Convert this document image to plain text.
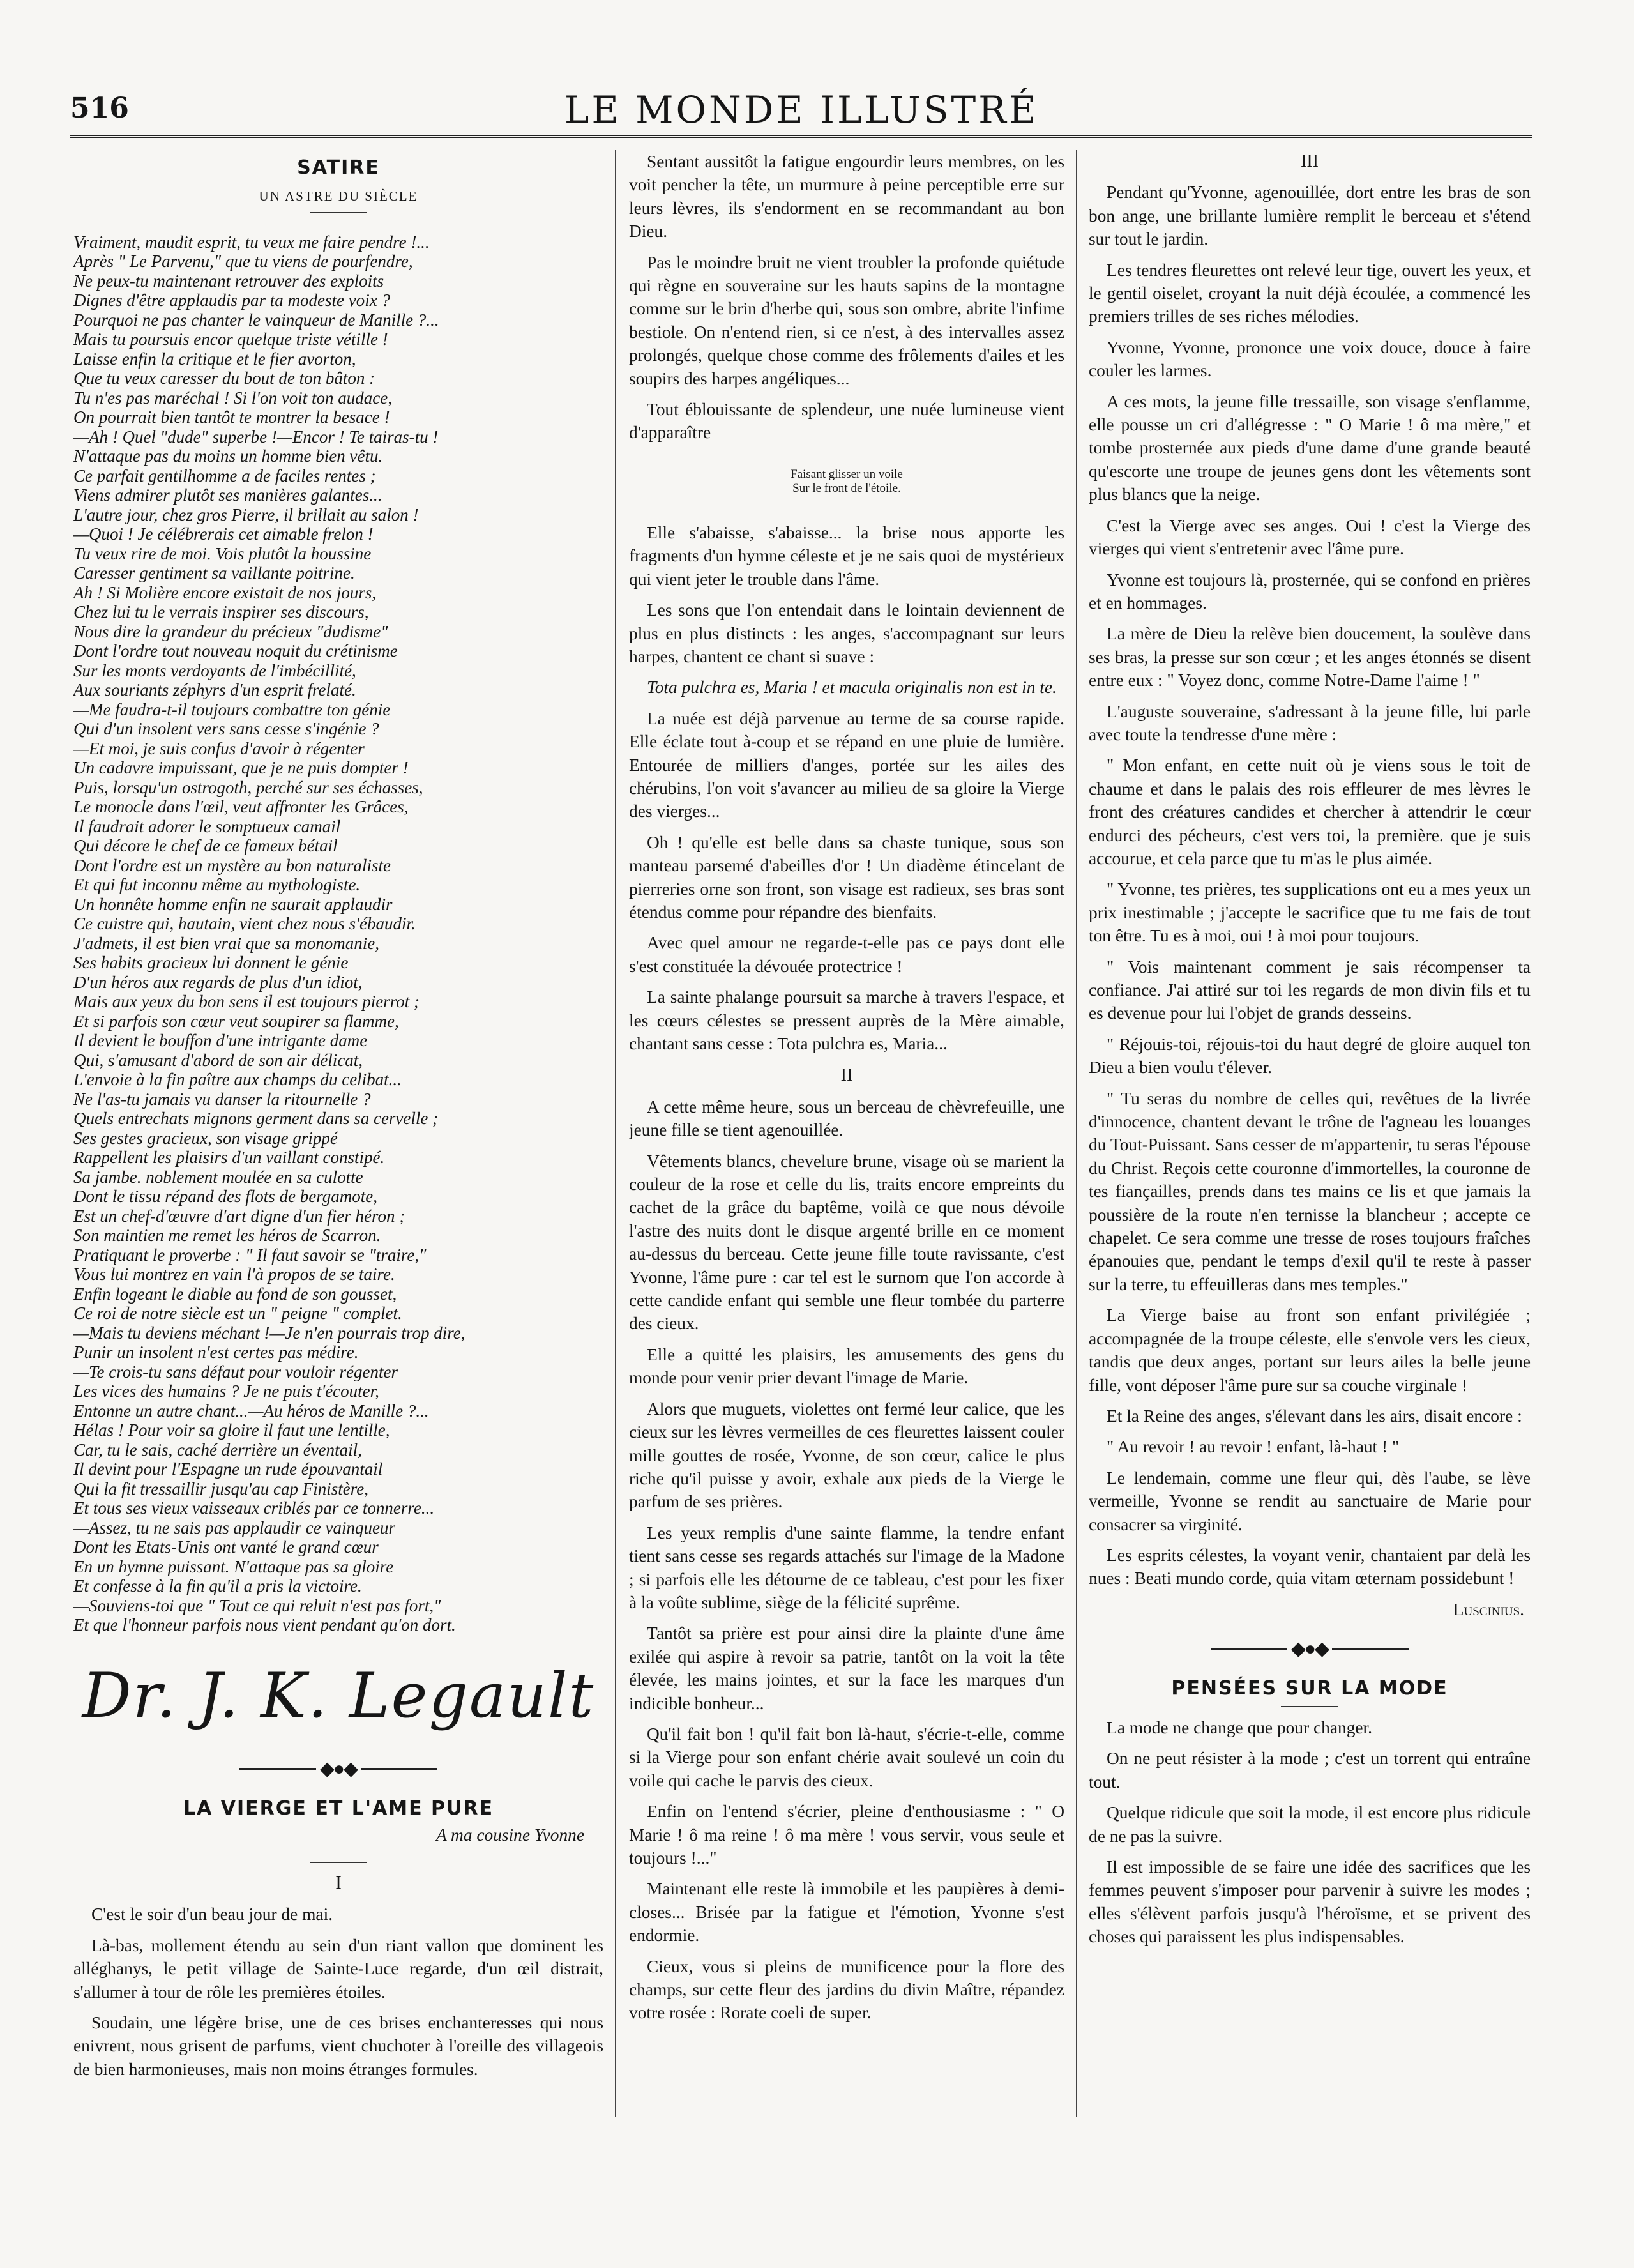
516	LE MONDE ILLUSTRÉ
SATIRE
UN ASTRE DU SIÈCLE
Vraiment, maudit esprit, tu veux me faire pendre !...
Après " Le Parvenu," que tu viens de pourfendre,
Ne peux-tu maintenant retrouver des exploits
Dignes d'être applaudis par ta modeste voix ?
Pourquoi ne pas chanter le vainqueur de Manille ?...
Mais tu poursuis encor quelque triste vétille !
Laisse enfin la critique et le fier avorton,
Que tu veux caresser du bout de ton bâton :
Tu n'es pas maréchal ! Si l'on voit ton audace,
On pourrait bien tantôt te montrer la besace !
—Ah ! Quel "dude" superbe !—Encor ! Te tairas-tu !
N'attaque pas du moins un homme bien vêtu.
Ce parfait gentilhomme a de faciles rentes ;
Viens admirer plutôt ses manières galantes...
L'autre jour, chez gros Pierre, il brillait au salon !
—Quoi ! Je célébrerais cet aimable frelon !
Tu veux rire de moi. Vois plutôt la houssine
Caresser gentiment sa vaillante poitrine.
Ah ! Si Molière encore existait de nos jours,
Chez lui tu le verrais inspirer ses discours,
Nous dire la grandeur du précieux "dudisme"
Dont l'ordre tout nouveau noquit du crétinisme
Sur les monts verdoyants de l'imbécillité,
Aux souriants zéphyrs d'un esprit frelaté.
—Me faudra-t-il toujours combattre ton génie
Qui d'un insolent vers sans cesse s'ingénie ?
—Et moi, je suis confus d'avoir à régenter
Un cadavre impuissant, que je ne puis dompter !
Puis, lorsqu'un ostrogoth, perché sur ses échasses,
Le monocle dans l'œil, veut affronter les Grâces,
Il faudrait adorer le somptueux camail
Qui décore le chef de ce fameux bétail
Dont l'ordre est un mystère au bon naturaliste
Et qui fut inconnu même au mythologiste.
Un honnête homme enfin ne saurait applaudir
Ce cuistre qui, hautain, vient chez nous s'ébaudir.
J'admets, il est bien vrai que sa monomanie,
Ses habits gracieux lui donnent le génie
D'un héros aux regards de plus d'un idiot,
Mais aux yeux du bon sens il est toujours pierrot ;
Et si parfois son cœur veut soupirer sa flamme,
Il devient le bouffon d'une intrigante dame
Qui, s'amusant d'abord de son air délicat,
L'envoie à la fin paître aux champs du celibat...
Ne l'as-tu jamais vu danser la ritournelle ?
Quels entrechats mignons germent dans sa cervelle ;
Ses gestes gracieux, son visage grippé
Rappellent les plaisirs d'un vaillant constipé.
Sa jambe. noblement moulée en sa culotte
Dont le tissu répand des flots de bergamote,
Est un chef-d'œuvre d'art digne d'un fier héron ;
Son maintien me remet les héros de Scarron.
Pratiquant le proverbe : " Il faut savoir se "traire,"
Vous lui montrez en vain l'à propos de se taire.
Enfin logeant le diable au fond de son gousset,
Ce roi de notre siècle est un " peigne " complet.
—Mais tu deviens méchant !—Je n'en pourrais trop dire,
Punir un insolent n'est certes pas médire.
—Te crois-tu sans défaut pour vouloir régenter
Les vices des humains ? Je ne puis t'écouter,
Entonne un autre chant...—Au héros de Manille ?...
Hélas ! Pour voir sa gloire il faut une lentille,
Car, tu le sais, caché derrière un éventail,
Il devint pour l'Espagne un rude épouvantail
Qui la fit tressaillir jusqu'au cap Finistère,
Et tous ses vieux vaisseaux criblés par ce tonnerre...
—Assez, tu ne sais pas applaudir ce vainqueur
Dont les Etats-Unis ont vanté le grand cœur
En un hymne puissant. N'attaque pas sa gloire
Et confesse à la fin qu'il a pris la victoire.
—Souviens-toi que " Tout ce qui reluit n'est pas fort,"
Et que l'honneur parfois nous vient pendant qu'on dort.
Dr. J. K. Legault
◆●◆
LA VIERGE ET L'AME PURE
A ma cousine Yvonne
I

C'est le soir d'un beau jour de mai.

Là-bas, mollement étendu au sein d'un riant vallon que dominent les alléghanys, le petit village de Sainte-Luce regarde, d'un œil distrait, s'allumer à tour de rôle les premières étoiles.

Soudain, une légère brise, une de ces brises enchanteresses qui nous enivrent, nous grisent de parfums, vient chuchoter à l'oreille des villageois de bien harmonieuses, mais non moins étranges formules.

Sentant aussitôt la fatigue engourdir leurs membres, on les voit pencher la tête, un murmure à peine perceptible erre sur leurs lèvres, ils s'endorment en se recommandant au bon Dieu.

Pas le moindre bruit ne vient troubler la profonde quiétude qui règne en souveraine sur les hauts sapins de la montagne comme sur le brin d'herbe qui, sous son ombre, abrite l'infime bestiole. On n'entend rien, si ce n'est, à des intervalles assez prolongés, quelque chose comme des frôlements d'ailes et les soupirs des harpes angéliques...

Tout éblouissante de splendeur, une nuée lumineuse vient d'apparaître

Faisant glisser un voile
Sur le front de l'étoile.

Elle s'abaisse, s'abaisse... la brise nous apporte les fragments d'un hymne céleste et je ne sais quoi de mystérieux qui vient jeter le trouble dans l'âme.

Les sons que l'on entendait dans le lointain deviennent de plus en plus distincts : les anges, s'accompagnant sur leurs harpes, chantent ce chant si suave :

Tota pulchra es, Maria ! et macula originalis non est in te.

La nuée est déjà parvenue au terme de sa course rapide. Elle éclate tout à-coup et se répand en une pluie de lumière. Entourée de milliers d'anges, portée sur les ailes des chérubins, l'on voit s'avancer au milieu de sa gloire la Vierge des vierges...

Oh ! qu'elle est belle dans sa chaste tunique, sous son manteau parsemé d'abeilles d'or ! Un diadème étincelant de pierreries orne son front, son visage est radieux, ses bras sont étendus comme pour répandre des bienfaits.

Avec quel amour ne regarde-t-elle pas ce pays dont elle s'est constituée la dévouée protectrice !

La sainte phalange poursuit sa marche à travers l'espace, et les cœurs célestes se pressent auprès de la Mère aimable, chantant sans cesse : Tota pulchra es, Maria...

II

A cette même heure, sous un berceau de chèvrefeuille, une jeune fille se tient agenouillée.

Vêtements blancs, chevelure brune, visage où se marient la couleur de la rose et celle du lis, traits encore empreints du cachet de la grâce du baptême, voilà ce que nous dévoile l'astre des nuits dont le disque argenté brille en ce moment au-dessus du berceau. Cette jeune fille toute ravissante, c'est Yvonne, l'âme pure : car tel est le surnom que l'on accorde à cette candide enfant qui semble une fleur tombée du parterre des cieux.

Elle a quitté les plaisirs, les amusements des gens du monde pour venir prier devant l'image de Marie.

Alors que muguets, violettes ont fermé leur calice, que les cieux sur les lèvres vermeilles de ces fleurettes laissent couler mille gouttes de rosée, Yvonne, de son cœur, calice le plus riche qu'il puisse y avoir, exhale aux pieds de la Vierge le parfum de ses prières.

Les yeux remplis d'une sainte flamme, la tendre enfant tient sans cesse ses regards attachés sur l'image de la Madone ; si parfois elle les détourne de ce tableau, c'est pour les fixer à la voûte sublime, siège de la félicité suprême.

Tantôt sa prière est pour ainsi dire la plainte d'une âme exilée qui aspire à revoir sa patrie, tantôt on la voit la tête élevée, les mains jointes, et sur la face les marques d'un indicible bonheur...

Qu'il fait bon ! qu'il fait bon là-haut, s'écrie-t-elle, comme si la Vierge pour son enfant chérie avait soulevé un coin du voile qui cache le parvis des cieux.

Enfin on l'entend s'écrier, pleine d'enthousiasme : " O Marie ! ô ma reine ! ô ma mère ! vous servir, vous seule et toujours !..."

Maintenant elle reste là immobile et les paupières à demi-closes... Brisée par la fatigue et l'émotion, Yvonne s'est endormie.

Cieux, vous si pleins de munificence pour la flore des champs, sur cette fleur des jardins du divin Maître, répandez votre rosée : Rorate coeli de super.

III

Pendant qu'Yvonne, agenouillée, dort entre les bras de son bon ange, une brillante lumière remplit le berceau et s'étend sur tout le jardin.

Les tendres fleurettes ont relevé leur tige, ouvert les yeux, et le gentil oiselet, croyant la nuit déjà écoulée, a commencé les premiers trilles de ses riches mélodies.

Yvonne, Yvonne, prononce une voix douce, douce à faire couler les larmes.

A ces mots, la jeune fille tressaille, son visage s'enflamme, elle pousse un cri d'allégresse : " O Marie ! ô ma mère," et tombe prosternée aux pieds d'une dame d'une grande beauté qu'escorte une troupe de jeunes gens dont les vêtements sont plus blancs que la neige.

C'est la Vierge avec ses anges. Oui ! c'est la Vierge des vierges qui vient s'entretenir avec l'âme pure.

Yvonne est toujours là, prosternée, qui se confond en prières et en hommages.

La mère de Dieu la relève bien doucement, la soulève dans ses bras, la presse sur son cœur ; et les anges étonnés se disent entre eux : " Voyez donc, comme Notre-Dame l'aime ! "

L'auguste souveraine, s'adressant à la jeune fille, lui parle avec toute la tendresse d'une mère :

" Mon enfant, en cette nuit où je viens sous le toit de chaume et dans le palais des rois effleurer de mes lèvres le front des créatures candides et chercher à attendrir le cœur endurci des pécheurs, c'est vers toi, la première. que je suis accourue, et cela parce que tu m'as le plus aimée.

" Yvonne, tes prières, tes supplications ont eu a mes yeux un prix inestimable ; j'accepte le sacrifice que tu me fais de tout ton être. Tu es à moi, oui ! à moi pour toujours.

" Vois maintenant comment je sais récompenser ta confiance. J'ai attiré sur toi les regards de mon divin fils et tu es devenue pour lui l'objet de grands desseins.

" Réjouis-toi, réjouis-toi du haut degré de gloire auquel ton Dieu a bien voulu t'élever.

" Tu seras du nombre de celles qui, revêtues de la livrée d'innocence, chantent devant le trône de l'agneau les louanges du Tout-Puissant. Sans cesser de m'appartenir, tu seras l'épouse du Christ. Reçois cette couronne d'immortelles, la couronne de tes fiançailles, prends dans tes mains ce lis et que jamais la poussière de la route n'en ternisse la blancheur ; accepte ce chapelet. Ce sera comme une tresse de roses toujours fraîches épanouies que, pendant le temps d'exil qu'il te reste à passer sur la terre, tu effeuilleras dans mes temples."

La Vierge baise au front son enfant privilégiée ; accompagnée de la troupe céleste, elle s'envole vers les cieux, tandis que deux anges, portant sur leurs ailes la belle jeune fille, vont déposer l'âme pure sur sa couche virginale !

Et la Reine des anges, s'élevant dans les airs, disait encore :

" Au revoir ! au revoir ! enfant, là-haut ! "

Le lendemain, comme une fleur qui, dès l'aube, se lève vermeille, Yvonne se rendit au sanctuaire de Marie pour consacrer sa virginité.

Les esprits célestes, la voyant venir, chantaient par delà les nues : Beati mundo corde, quia vitam œternam possidebunt !

Luscinius.
◆●◆
PENSÉES SUR LA MODE

La mode ne change que pour changer.

On ne peut résister à la mode ; c'est un torrent qui entraîne tout.

Quelque ridicule que soit la mode, il est encore plus ridicule de ne pas la suivre.

Il est impossible de se faire une idée des sacrifices que les femmes peuvent s'imposer pour parvenir à suivre les modes ; elles s'élèvent parfois jusqu'à l'héroïsme, et se privent des choses qui paraissent les plus indispensables.
